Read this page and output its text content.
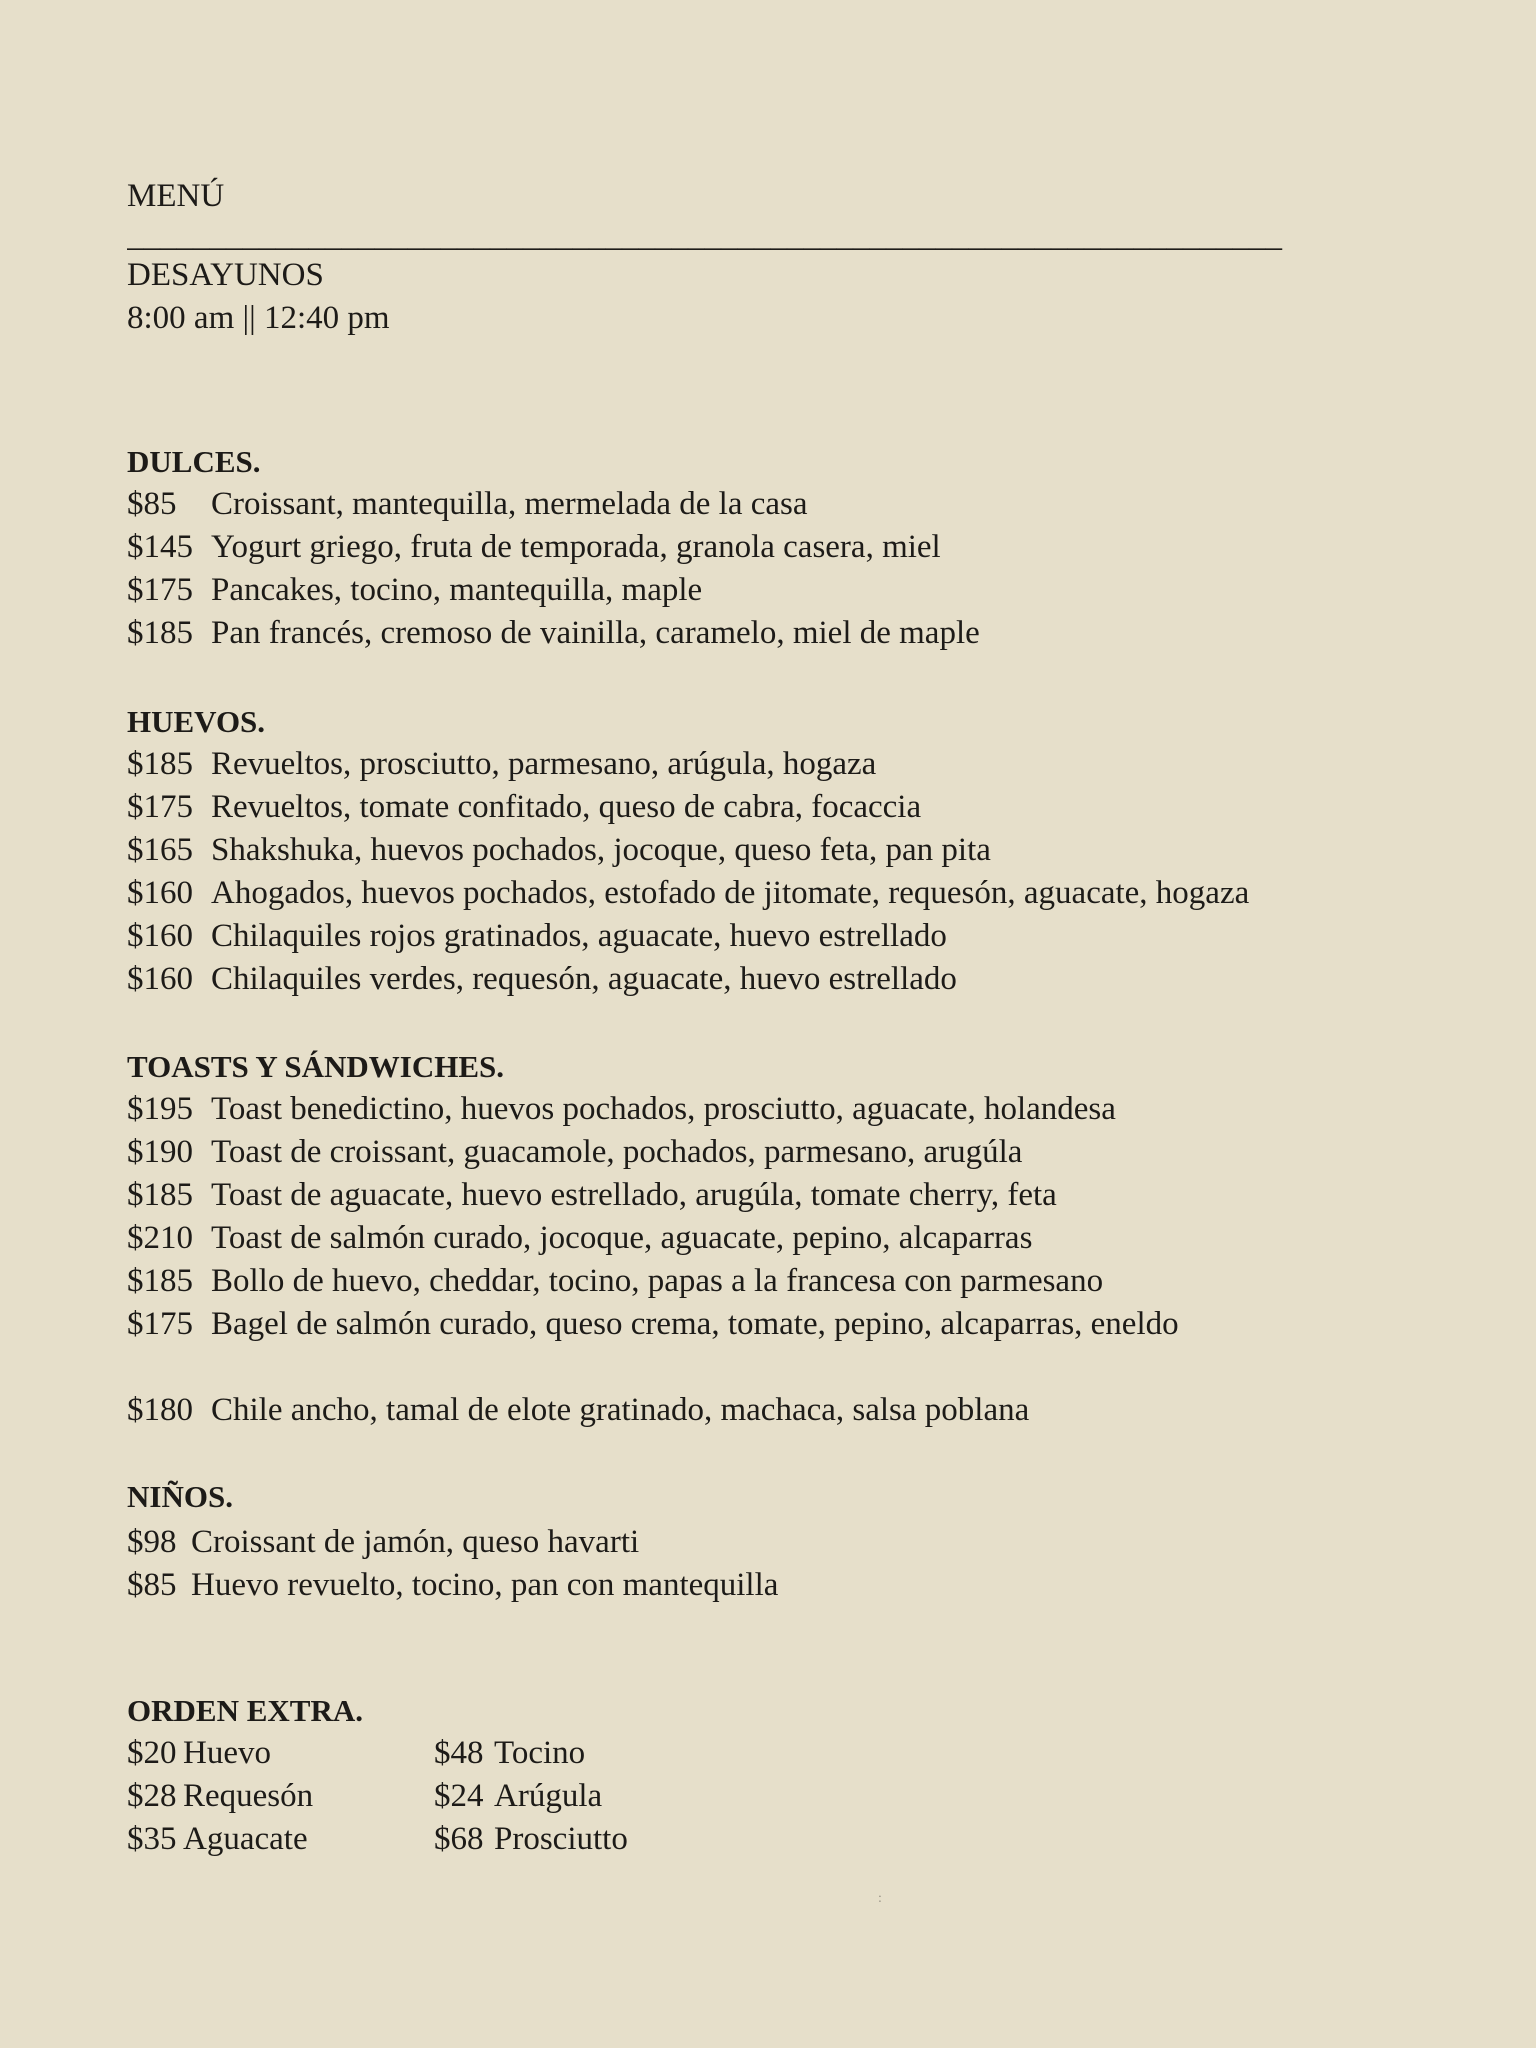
MENÚ
______________________________________________________________________
DESAYUNOS
8:00 am || 12:40 pm
DULCES.
$85	Croissant, mantequilla, mermelada de la casa
$145 Yogurt griego, fruta de temporada, granola casera, miel
$175 Pancakes, tocino, mantequilla, maple
$185 Pan francés, cremoso de vainilla, caramelo, miel de maple
HUEVOS.
$185 Revueltos, prosciutto, parmesano, arúgula, hogaza
$175 Revueltos, tomate confitado, queso de cabra, focaccia
$165 Shakshuka, huevos pochados, jocoque, queso feta, pan pita
$160 Ahogados, huevos pochados, estofado de jitomate, requesón, aguacate, hogaza
$160 Chilaquiles rojos gratinados, aguacate, huevo estrellado
$160 Chilaquiles verdes, requesón, aguacate, huevo estrellado
TOASTS Y SÁNDWICHES.
$195 Toast benedictino, huevos pochados, prosciutto, aguacate, holandesa
$190 Toast de croissant, guacamole, pochados, parmesano, arugúla
$185 Toast de aguacate, huevo estrellado, arugúla, tomate cherry, feta
$210 Toast de salmón curado, jocoque, aguacate, pepino, alcaparras
$185 Bollo de huevo, cheddar, tocino, papas a la francesa con parmesano
$175 Bagel de salmón curado, queso crema, tomate, pepino, alcaparras, eneldo
$180 Chile ancho, tamal de elote gratinado, machaca, salsa poblana
NIÑOS.
$98 Croissant de jamón, queso havarti
$85 Huevo revuelto, tocino, pan con mantequilla
ORDEN EXTRA.
$20 Huevo	$48 Tocino
$28 Requesón	$24 Arúgula
$35 Aguacate	$68 Prosciutto
:
